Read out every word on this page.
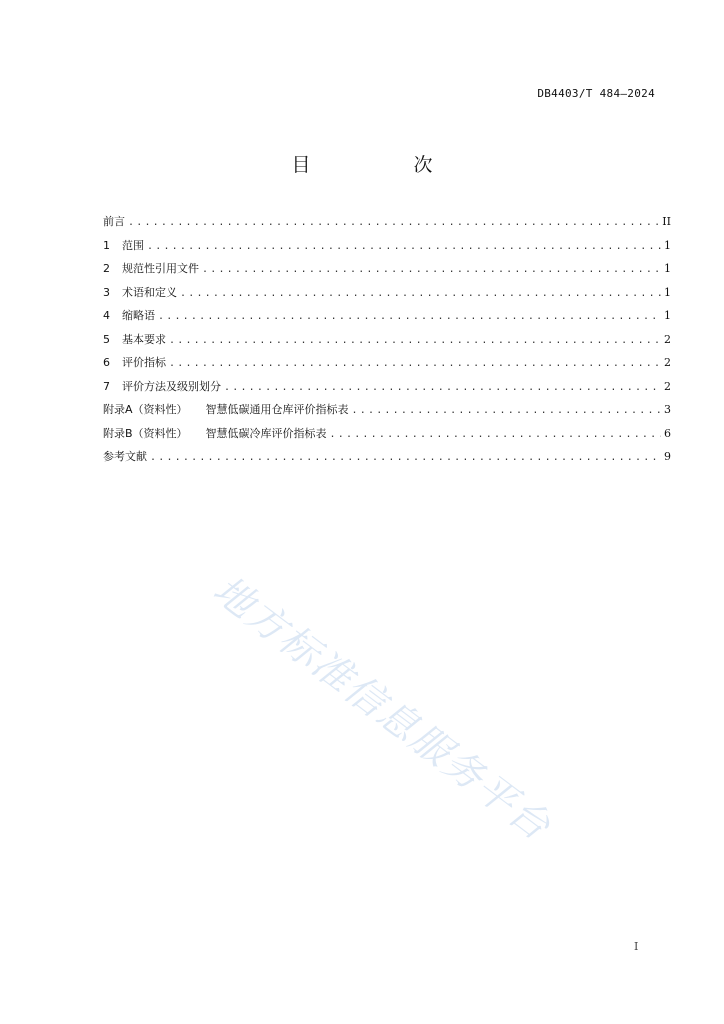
DB4403/T 484—2024
目　次
前言 .....	II
1	范围 .....	1
2	规范性引用文件 .....	1
3	术语和定义 .....	1
4	缩略语 .....	1
5	基本要求 .....	2
6	评价指标 .....	2
7	评价方法及级别划分 .....	2
附录A（资料性） 智慧低碳通用仓库评价指标表 .....	3
附录B（资料性） 智慧低碳冷库评价指标表 .....	6
参考文献 .....	9
地方标准信息服务平台
I
